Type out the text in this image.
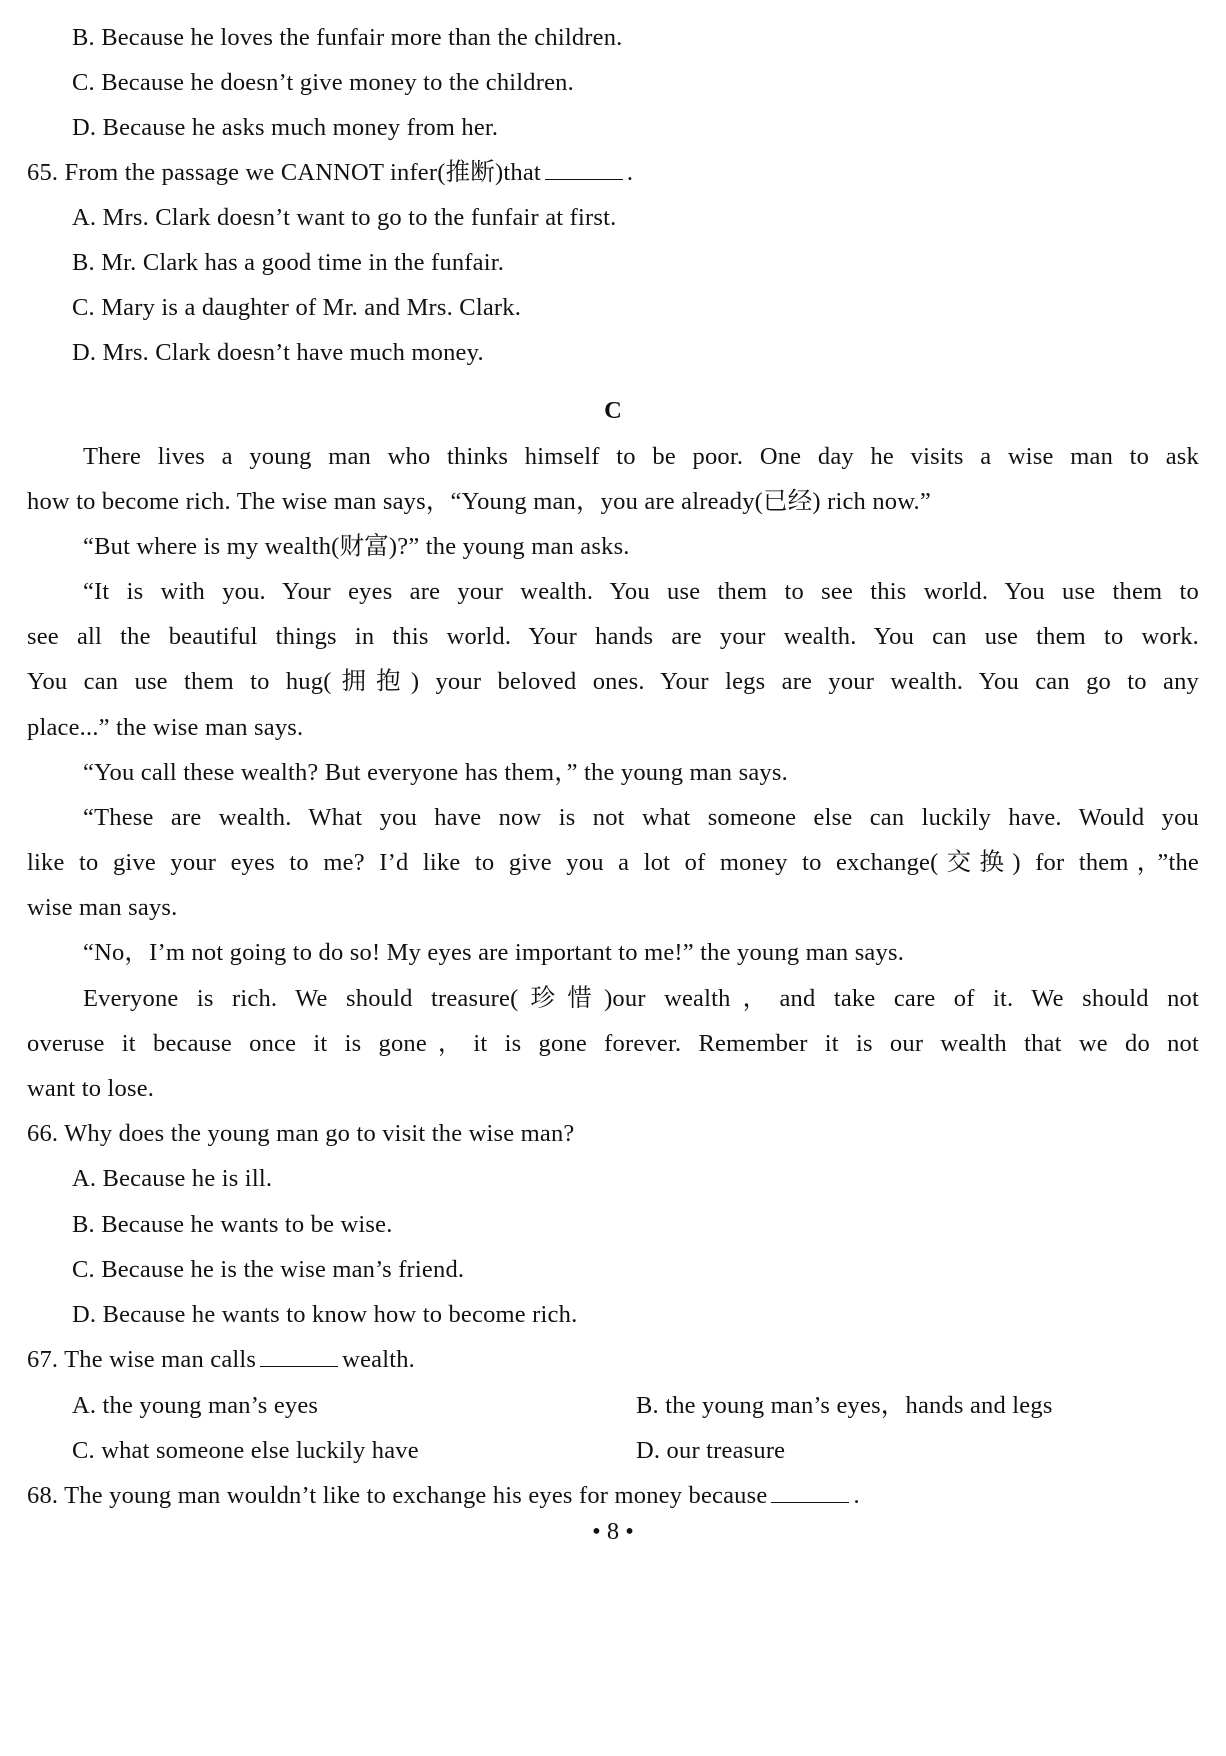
B. Because he loves the funfair more than the children.
C. Because he doesn’t give money to the children.
D. Because he asks much money from her.
65. From the passage we CANNOT infer(推断)that	.
A. Mrs. Clark doesn’t want to go to the funfair at first.
B. Mr. Clark has a good time in the funfair.
C. Mary is a daughter of Mr. and Mrs. Clark.
D. Mrs. Clark doesn’t have much money.
C
There lives a young man who thinks himself to be poor. One day he visits a wise man to ask
how to become rich. The wise man says，“Young man，you are already(已经) rich now.”
“But where is my wealth(财富)?” the young man asks.
“It is with you. Your eyes are your wealth. You use them to see this world. You use them to
see all the beautiful things in this world. Your hands are your wealth. You can use them to work.
You can use them to hug(拥抱) your beloved ones. Your legs are your wealth. You can go to any
place...” the wise man says.
“You call these wealth? But everyone has them，” the young man says.
“These are wealth. What you have now is not what someone else can luckily have. Would you
like to give your eyes to me? I’d like to give you a lot of money to exchange(交换) for them，”the
wise man says.
“No，I’m not going to do so! My eyes are important to me!” the young man says.
Everyone is rich. We should treasure(珍惜)our wealth，and take care of it. We should not
overuse it because once it is gone，it is gone forever. Remember it is our wealth that we do not
want to lose.
66. Why does the young man go to visit the wise man?
A. Because he is ill.
B. Because he wants to be wise.
C. Because he is the wise man’s friend.
D. Because he wants to know how to become rich.
67. The wise man calls	wealth.
A. the young man’s eyes	B. the young man’s eyes，hands and legs
C. what someone else luckily have	D. our treasure
68. The young man wouldn’t like to exchange his eyes for money because	.
• 8 •
